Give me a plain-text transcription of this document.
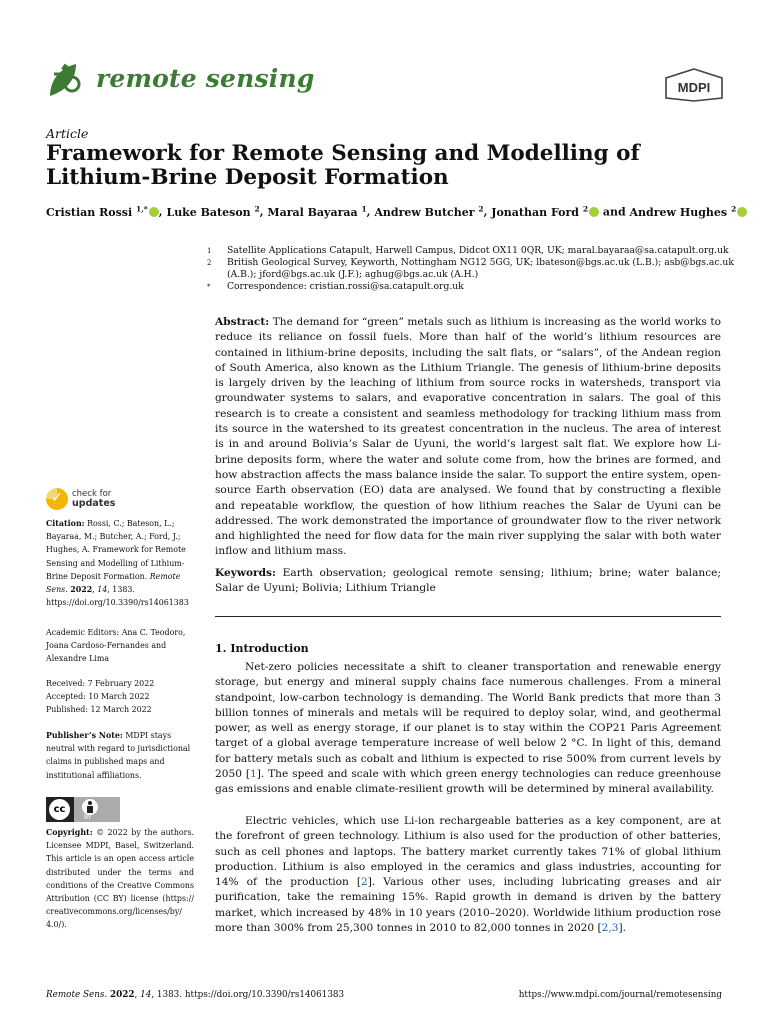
remote sensing	MDPI
Article
Framework for Remote Sensing and Modelling of Lithium-Brine Deposit Formation
Cristian Rossi $^{1,*}$ , Luke Bateson $^2$, Maral Bayaraa $^1$, Andrew Butcher $^2$, Jonathan Ford $^2$ and Andrew Hughes $^2$
1	Satellite Applications Catapult, Harwell Campus, Didcot OX11 0QR, UK; maral.bayaraa@sa.catapult.org.uk
2	British Geological Survey, Keyworth, Nottingham NG12 5GG, UK; lbateson@bgs.ac.uk (L.B.); asb@bgs.ac.uk (A.B.); jford@bgs.ac.uk (J.F.); aghug@bgs.ac.uk (A.H.)
*	Correspondence: cristian.rossi@sa.catapult.org.uk
Abstract: The demand for “green” metals such as lithium is increasing as the world works to reduce its reliance on fossil fuels. More than half of the world’s lithium resources are contained in lithium-brine deposits, including the salt flats, or “salars”, of the Andean region of South America, also known as the Lithium Triangle. The genesis of lithium-brine deposits is largely driven by the leaching of lithium from source rocks in watersheds, transport via groundwater systems to salars, and evaporative concentration in salars. The goal of this research is to create a consistent and seamless methodology for tracking lithium mass from its source in the watershed to its greatest concentration in the nucleus. The area of interest is in and around Bolivia’s Salar de Uyuni, the world’s largest salt flat. We explore how Li-brine deposits form, where the water and solute come from, how the brines are formed, and how abstraction affects the mass balance inside the salar. To support the entire system, open-source Earth observation (EO) data are analysed. We found that by constructing a flexible and repeatable workflow, the question of how lithium reaches the Salar de Uyuni can be addressed. The work demonstrated the importance of groundwater flow to the river network and highlighted the need for flow data for the main river supplying the salar with both water inflow and lithium mass.
Keywords: Earth observation; geological remote sensing; lithium; brine; water balance; Salar de Uyuni; Bolivia; Lithium Triangle
1. Introduction

Net-zero policies necessitate a shift to cleaner transportation and renewable energy storage, but energy and mineral supply chains face numerous challenges. From a mineral standpoint, low-carbon technology is demanding. The World Bank predicts that more than 3 billion tonnes of minerals and metals will be required to deploy solar, wind, and geothermal power, as well as energy storage, if our planet is to stay within the COP21 Paris Agreement target of a global average temperature increase of well below 2 °C. In light of this, demand for battery metals such as cobalt and lithium is expected to rise 500% from current levels by 2050 [1]. The speed and scale with which green energy technologies can reduce greenhouse gas emissions and enable climate-resilient growth will be determined by mineral availability.

Electric vehicles, which use Li-ion rechargeable batteries as a key component, are at the forefront of green technology. Lithium is also used for the production of other batteries, such as cell phones and laptops. The battery market currently takes 71% of global lithium production. Lithium is also employed in the ceramics and glass industries, accounting for 14% of the production [2]. Various other uses, including lubricating greases and air purification, take the remaining 15%. Rapid growth in demand is driven by the battery market, which increased by 48% in 10 years (2010–2020). Worldwide lithium production rose more than 300% from 25,300 tonnes in 2010 to 82,000 tonnes in 2020 [2,3].

✓
check for
updates
Citation: Rossi, C.; Bateson, L.; Bayaraa, M.; Butcher, A.; Ford, J.; Hughes, A. Framework for Remote Sensing and Modelling of Lithium-Brine Deposit Formation. Remote Sens. 2022, 14, 1383. https://doi.org/10.3390/rs14061383
Academic Editors: Ana C. Teodoro, Joana Cardoso-Fernandes and Alexandre Lima
Received: 7 February 2022
Accepted: 10 March 2022
Published: 12 March 2022
Publisher’s Note: MDPI stays neutral with regard to jurisdictional claims in published maps and institutional affiliations.
cc
BY
Copyright: © 2022 by the authors. Licensee MDPI, Basel, Switzerland. This article is an open access article distributed under the terms and conditions of the Creative Commons Attribution (CC BY) license (https:// creativecommons.org/licenses/by/ 4.0/).
Remote Sens. 2022, 14, 1383. https://doi.org/10.3390/rs14061383	https://www.mdpi.com/journal/remotesensing
